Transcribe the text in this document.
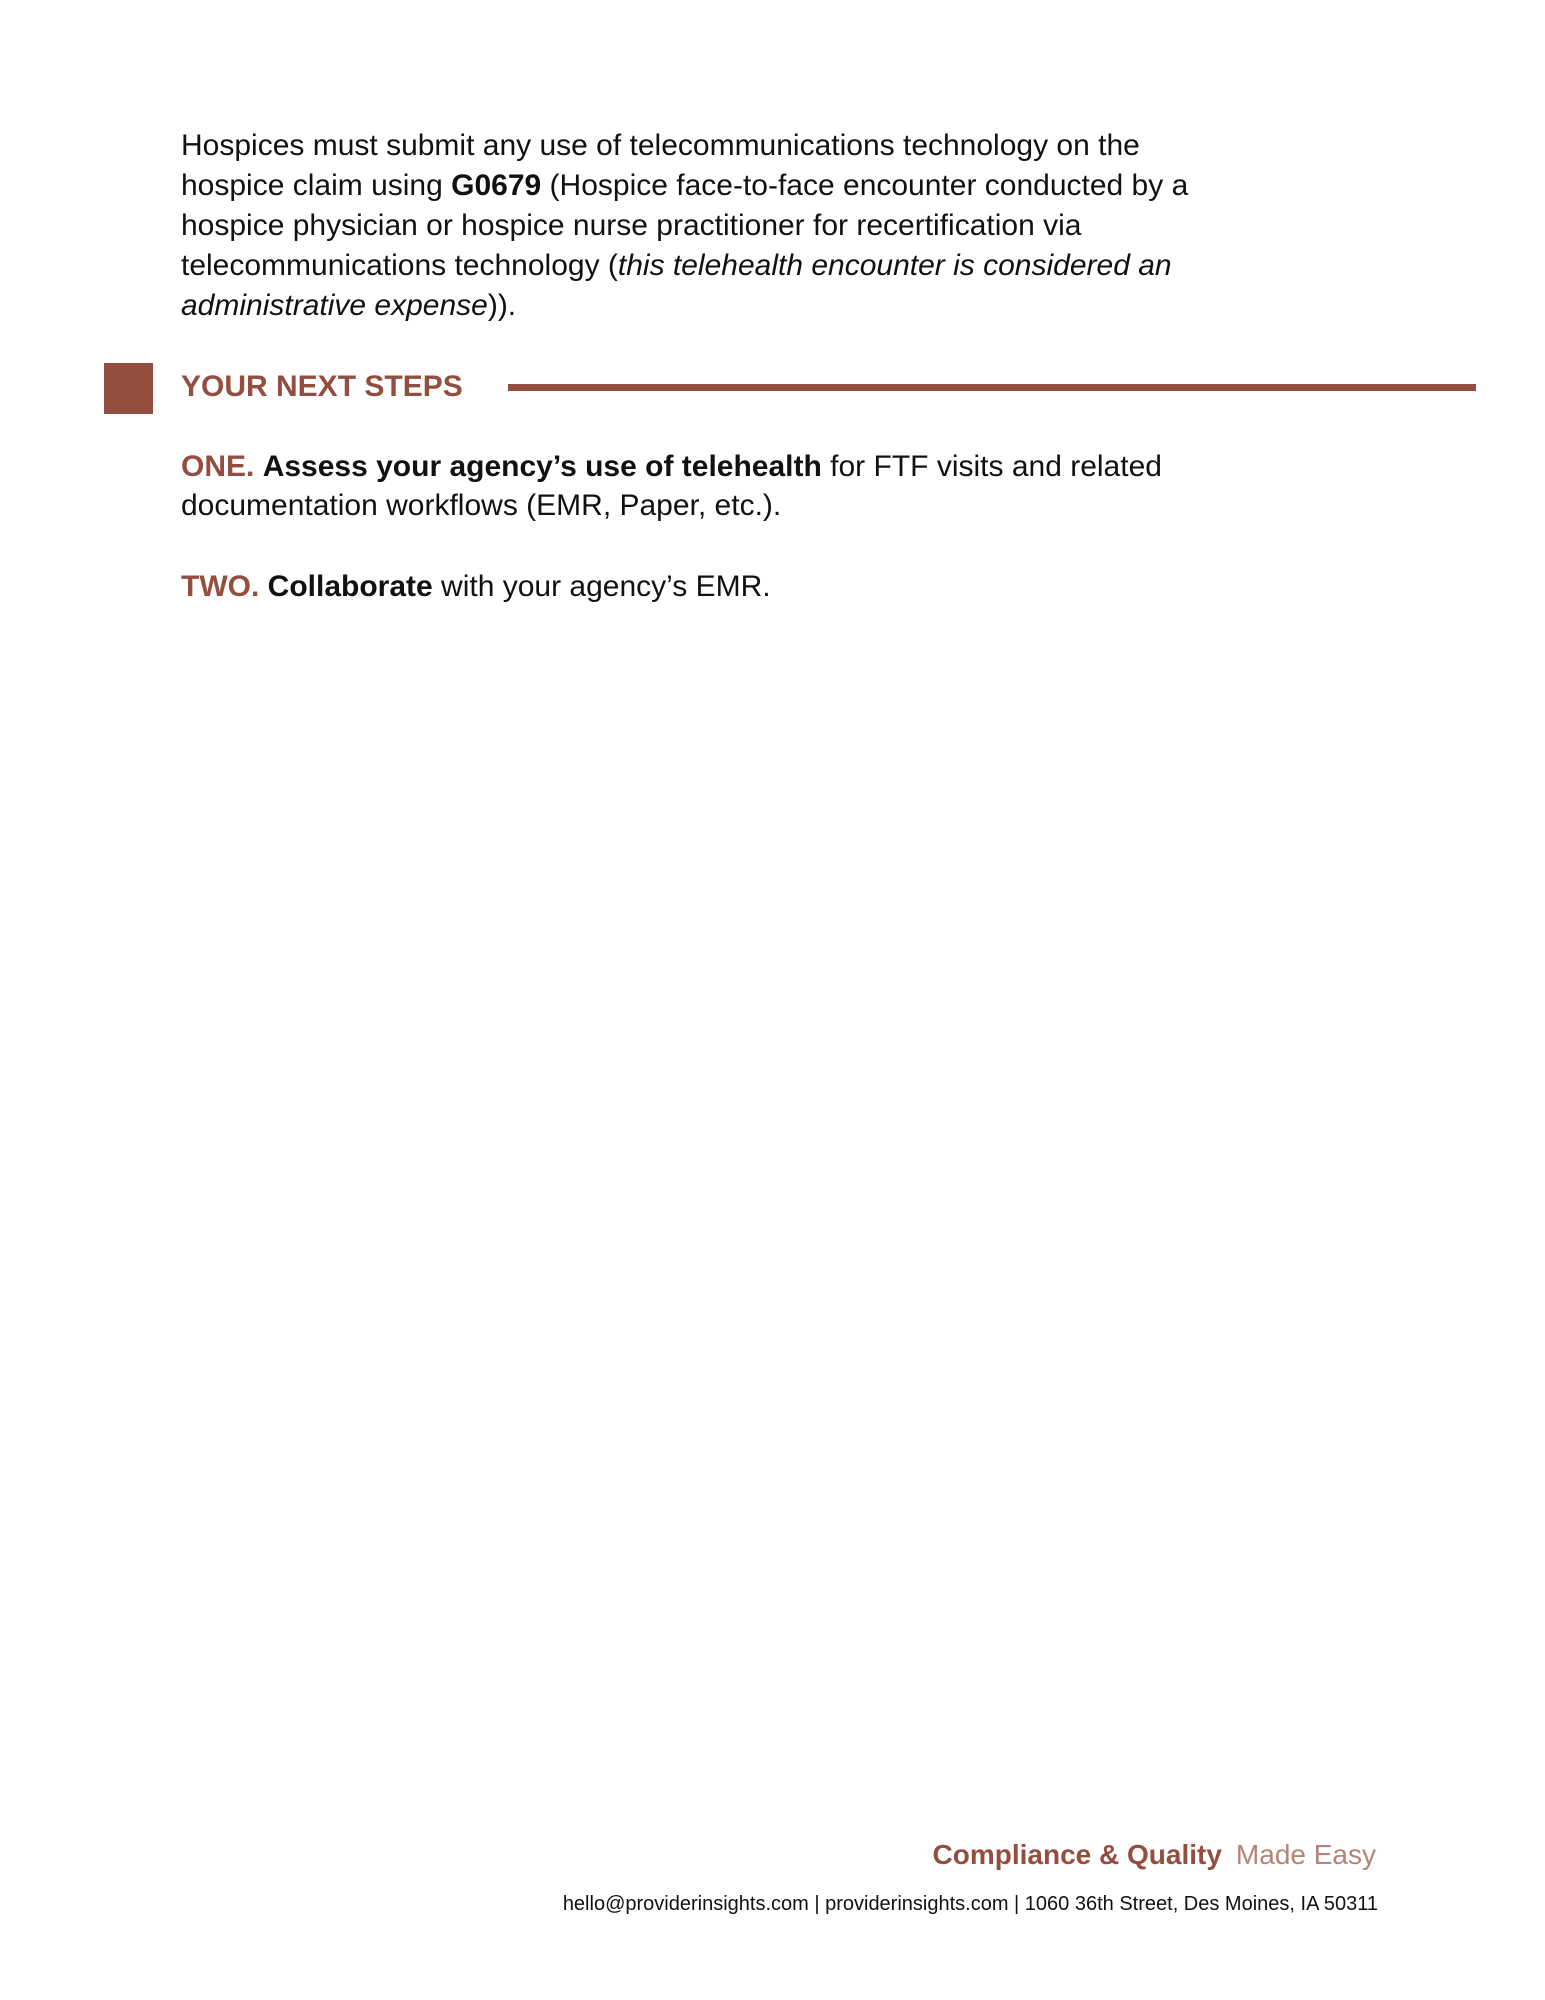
Hospices must submit any use of telecommunications technology on the
hospice claim using G0679 (Hospice face-to-face encounter conducted by a
hospice physician or hospice nurse practitioner for recertification via
telecommunications technology (this telehealth encounter is considered an
administrative expense)).

YOUR NEXT STEPS

ONE. Assess your agency’s use of telehealth for FTF visits and related
documentation workflows (EMR, Paper, etc.).

TWO. Collaborate with your agency’s EMR.

Compliance & Quality Made Easy

hello@providerinsights.com | providerinsights.com | 1060 36th Street, Des Moines, IA 50311
